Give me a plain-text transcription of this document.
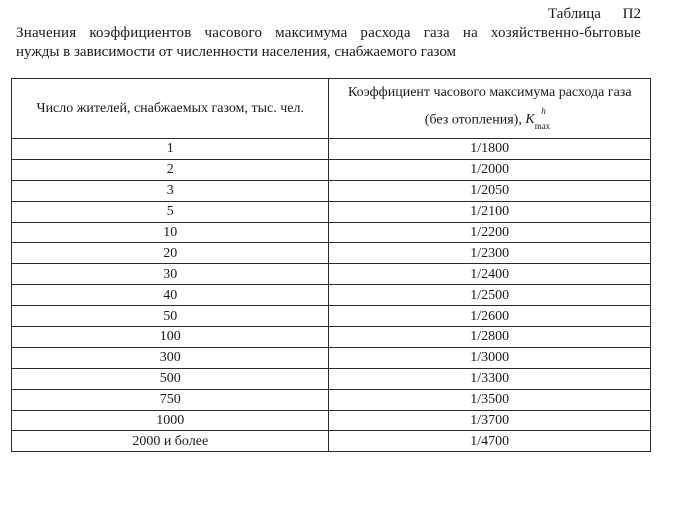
Таблица П2
Значения коэффициентов часового максимума расхода газа на хозяйственно-бытовые
нужды в зависимости от численности населения, снабжаемого газом
Число жителей, снабжаемых газом, тыс. чел.	Коэффициент часового максимума расхода газа
(без отопления), $K_{max}^h$
1	1/1800
2	1/2000
3	1/2050
5	1/2100
10	1/2200
20	1/2300
30	1/2400
40	1/2500
50	1/2600
100	1/2800
300	1/3000
500	1/3300
750	1/3500
1000	1/3700
2000 и более	1/4700
